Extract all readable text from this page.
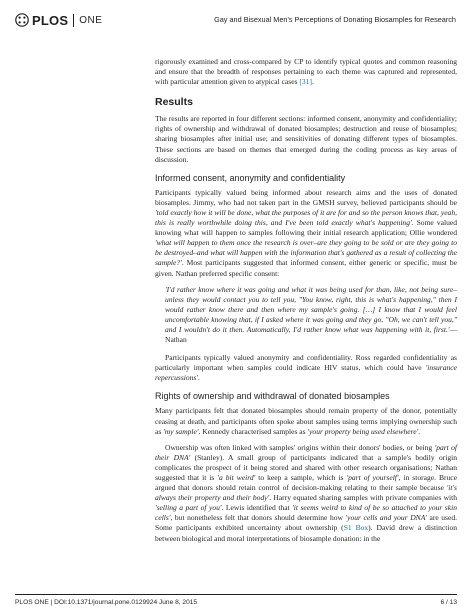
PLOS ONE	Gay and Bisexual Men's Perceptions of Donating Biosamples for Research

rigorously examined and cross-compared by CP to identify typical quotes and common reasoning and ensure that the breadth of responses pertaining to each theme was captured and represented, with particular attention given to atypical cases [31].

Results

The results are reported in four different sections: informed consent, anonymity and confidentiality; rights of ownership and withdrawal of donated biosamples; destruction and reuse of biosamples; sharing biosamples after initial use; and sensitivities of donating different types of biosamples. These sections are based on themes that emerged during the coding process as key areas of discussion.

Informed consent, anonymity and confidentiality

Participants typically valued being informed about research aims and the uses of donated biosamples. Jimmy, who had not taken part in the GMSH survey, believed participants should be 'told exactly how it will be done, what the purposes of it are for and so the person knows that, yeah, this is really worthwhile doing this, and I've been told exactly what's happening'. Some valued knowing what will happen to samples following their initial research application; Ollie wondered 'what will happen to them once the research is over–are they going to be sold or are they going to be destroyed–and what will happen with the information that's gathered as a result of collecting the sample?'. Most participants suggested that informed consent, either generic or specific, must be given. Nathan preferred specific consent:

'I'd rather know where it was going and what it was being used for than, like, not being sure–unless they would contact you to tell you, "You know, right, this is what's happening," then I would rather know there and then where my sample's going. […] I know that I would feel uncomfortable knowing that, if I asked where it was going and they go, "Oh, we can't tell you," and I wouldn't do it then. Automatically, I'd rather know what was happening with it, first.'—Nathan

Participants typically valued anonymity and confidentiality. Ross regarded confidentiality as particularly important when samples could indicate HIV status, which could have 'insurance repercussions'.

Rights of ownership and withdrawal of donated biosamples

Many participants felt that donated biosamples should remain property of the donor, potentially ceasing at death, and participants often spoke about samples using terms implying ownership such as 'my sample'. Kennedy characterised samples as 'your property being used elsewhere'.

Ownership was often linked with samples' origins within their donors' bodies, or being 'part of their DNA' (Stanley). A small group of participants indicated that a sample's bodily origin complicates the prospect of it being stored and shared with other research organisations; Nathan suggested that it is 'a bit weird' to keep a sample, which is 'part of yourself', in storage. Bruce argued that donors should retain control of decision-making relating to their sample because 'it's always their property and their body'. Harry equated sharing samples with private companies with 'selling a part of you'. Lewis identified that 'it seems weird to kind of be so attached to your skin cells', but nonetheless felt that donors should determine how 'your cells and your DNA' are used. Some participants exhibited uncertainty about ownership (S1 Box). David drew a distinction between biological and moral interpretations of biosample donation: in the

PLOS ONE | DOI:10.1371/journal.pone.0129924 June 8, 2015	6 / 13
